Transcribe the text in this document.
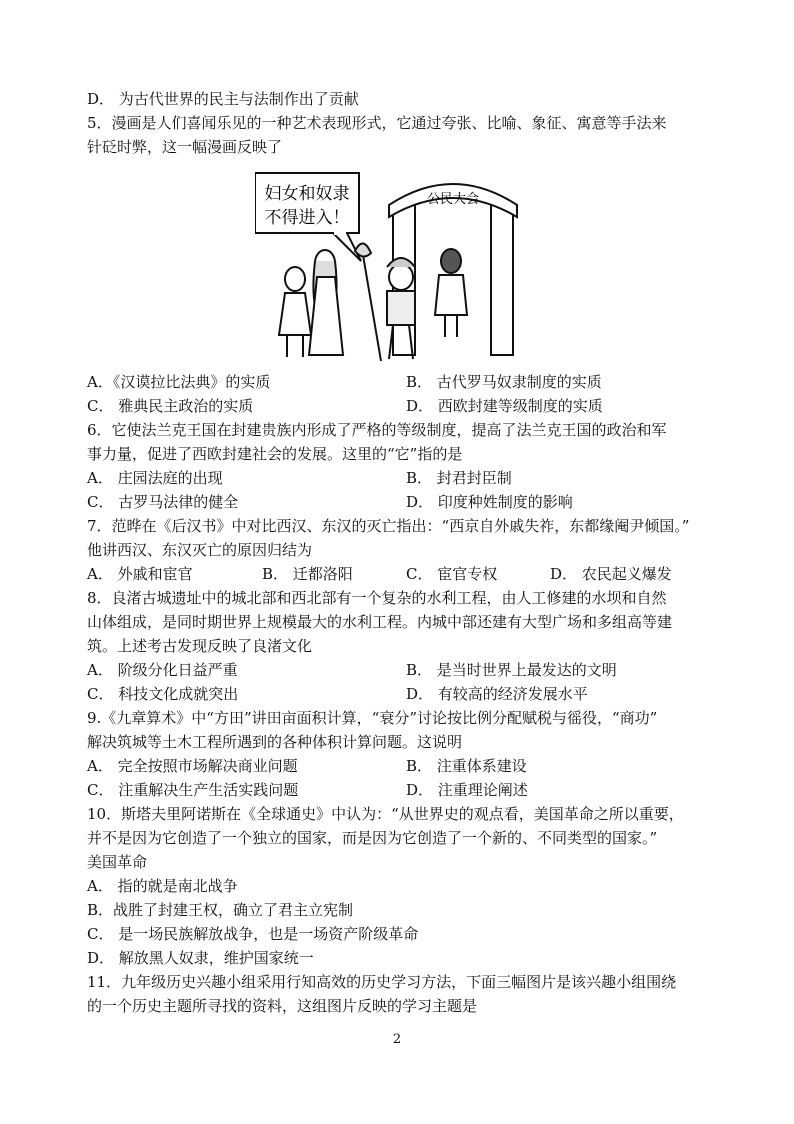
D． 为古代世界的民主与法制作出了贡献
5．漫画是人们喜闻乐见的一种艺术表现形式，它通过夸张、比喻、象征、寓意等手法来
针砭时弊，这一幅漫画反映了
妇女和奴隶
不得进入！
公民大会
A．《汉谟拉比法典》的实质	B． 古代罗马奴隶制度的实质
C． 雅典民主政治的实质	D． 西欧封建等级制度的实质
6．它使法兰克王国在封建贵族内形成了严格的等级制度，提高了法兰克王国的政治和军
事力量，促进了西欧封建社会的发展。这里的“它”指的是
A． 庄园法庭的出现	B． 封君封臣制
C． 古罗马法律的健全	D． 印度种姓制度的影响
7．范晔在《后汉书》中对比西汉、东汉的灭亡指出：“西京自外戚失祚，东都缘阉尹倾国。”
他讲西汉、东汉灭亡的原因归结为
A． 外戚和宦官	B． 迁都洛阳	C． 宦官专权	D． 农民起义爆发
8．良渚古城遗址中的城北部和西北部有一个复杂的水利工程，由人工修建的水坝和自然
山体组成，是同时期世界上规模最大的水利工程。内城中部还建有大型广场和多组高等建
筑。上述考古发现反映了良渚文化
A． 阶级分化日益严重	B． 是当时世界上最发达的文明
C． 科技文化成就突出	D． 有较高的经济发展水平
9.《九章算术》中“方田”讲田亩面积计算，“衰分”讨论按比例分配赋税与徭役，“商功”
解决筑城等土木工程所遇到的各种体积计算问题。这说明
A． 完全按照市场解决商业问题	B． 注重体系建设
C． 注重解决生产生活实践问题	D． 注重理论阐述
10．斯塔夫里阿诺斯在《全球通史》中认为：“从世界史的观点看，美国革命之所以重要，
并不是因为它创造了一个独立的国家，而是因为它创造了一个新的、不同类型的国家。”
美国革命
A． 指的就是南北战争
B．战胜了封建王权，确立了君主立宪制
C． 是一场民族解放战争，也是一场资产阶级革命
D． 解放黑人奴隶，维护国家统一
11．九年级历史兴趣小组采用行知高效的历史学习方法，下面三幅图片是该兴趣小组围绕
的一个历史主题所寻找的资料，这组图片反映的学习主题是
2
